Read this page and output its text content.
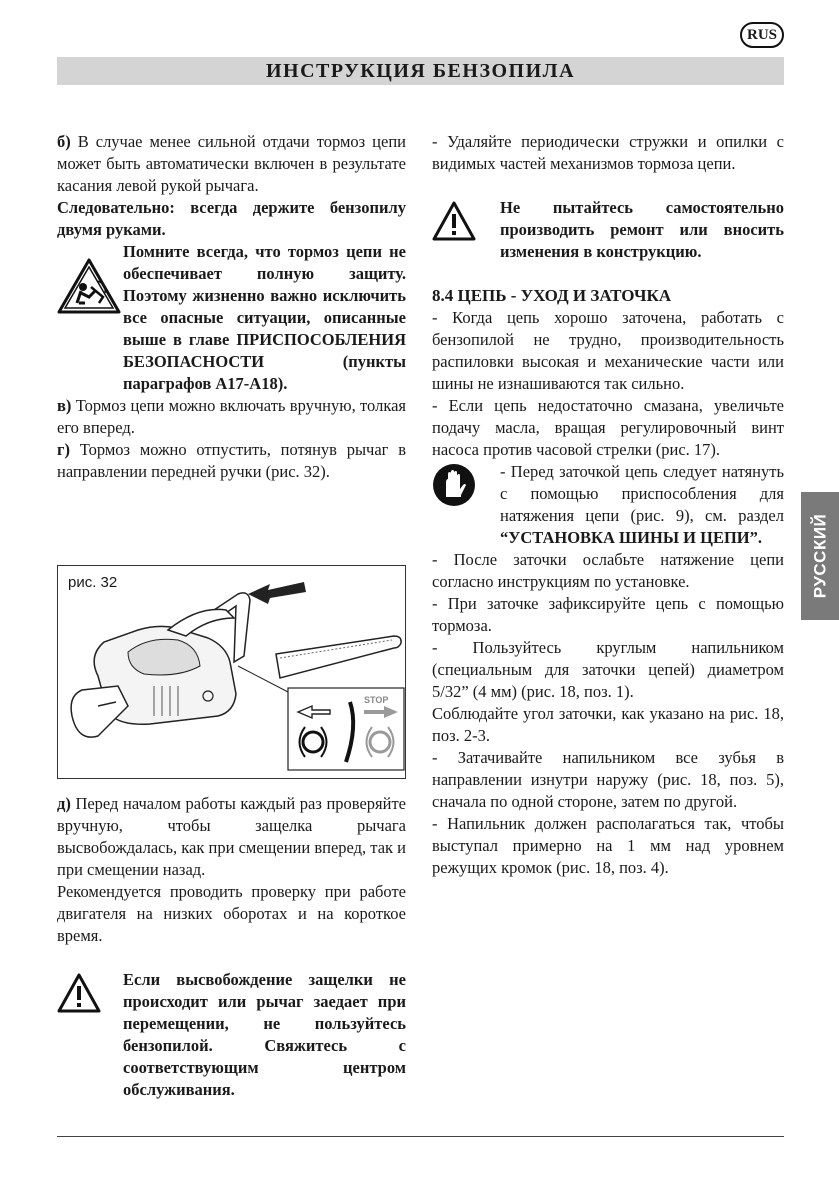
RUS
ИНСТРУКЦИЯ БЕНЗОПИЛА
РУССКИЙ

б) В случае менее сильной отдачи тормоз цепи может быть автоматически включен в результате касания левой рукой рычага.

Следовательно: всегда держите бензопилу двумя руками.

Помните всегда, что тормоз цепи не обеспечивает полную защиту. Поэтому жизненно важно исключить все опасные ситуации, описанные выше в главе ПРИСПОСОБЛЕНИЯ БЕЗОПАСНОСТИ (пункты параграфов А17-А18).

в) Тормоз цепи можно включать вручную, толкая его вперед.

г) Тормоз можно отпустить, потянув рычаг в направлении передней ручки (рис. 32).

рис. 32
STOP

д) Перед началом работы каждый раз проверяйте вручную, чтобы защелка рычага высвобождалась, как при смещении вперед, так и при смещении назад.

Рекомендуется проводить проверку при работе двигателя на низких оборотах и на короткое время.

Если высвобождение защелки не происходит или рычаг заедает при перемещении, не пользуйтесь бензопилой. Свяжитесь с соответствующим центром обслуживания.

- Удаляйте периодически стружки и опилки с видимых частей механизмов тормоза цепи.

Не пытайтесь самостоятельно производить ремонт или вносить изменения в конструкцию.

8.4 ЦЕПЬ - УХОД И ЗАТОЧКА

- Когда цепь хорошо заточена, работать с бензопилой не трудно, производительность распиловки высокая и механические части или шины не изнашиваются так сильно.

- Если цепь недостаточно смазана, увеличьте подачу масла, вращая регулировочный винт насоса против часовой стрелки (рис. 17).

- Перед заточкой цепь следует натянуть с помощью приспособления для натяжения цепи (рис. 9), см. раздел “УСТАНОВКА ШИНЫ И ЦЕПИ”.

- После заточки ослабьте натяжение цепи согласно инструкциям по установке.

- При заточке зафиксируйте цепь с помощью тормоза.

- Пользуйтесь круглым напильником (специальным для заточки цепей) диаметром 5/32” (4 мм) (рис. 18, поз. 1).

Соблюдайте угол заточки, как указано на рис. 18, поз. 2-3.

- Затачивайте напильником все зубья в направлении изнутри наружу (рис. 18, поз. 5), сначала по одной стороне, затем по другой.

- Напильник должен располагаться так, чтобы выступал примерно на 1 мм над уровнем режущих кромок (рис. 18, поз. 4).
